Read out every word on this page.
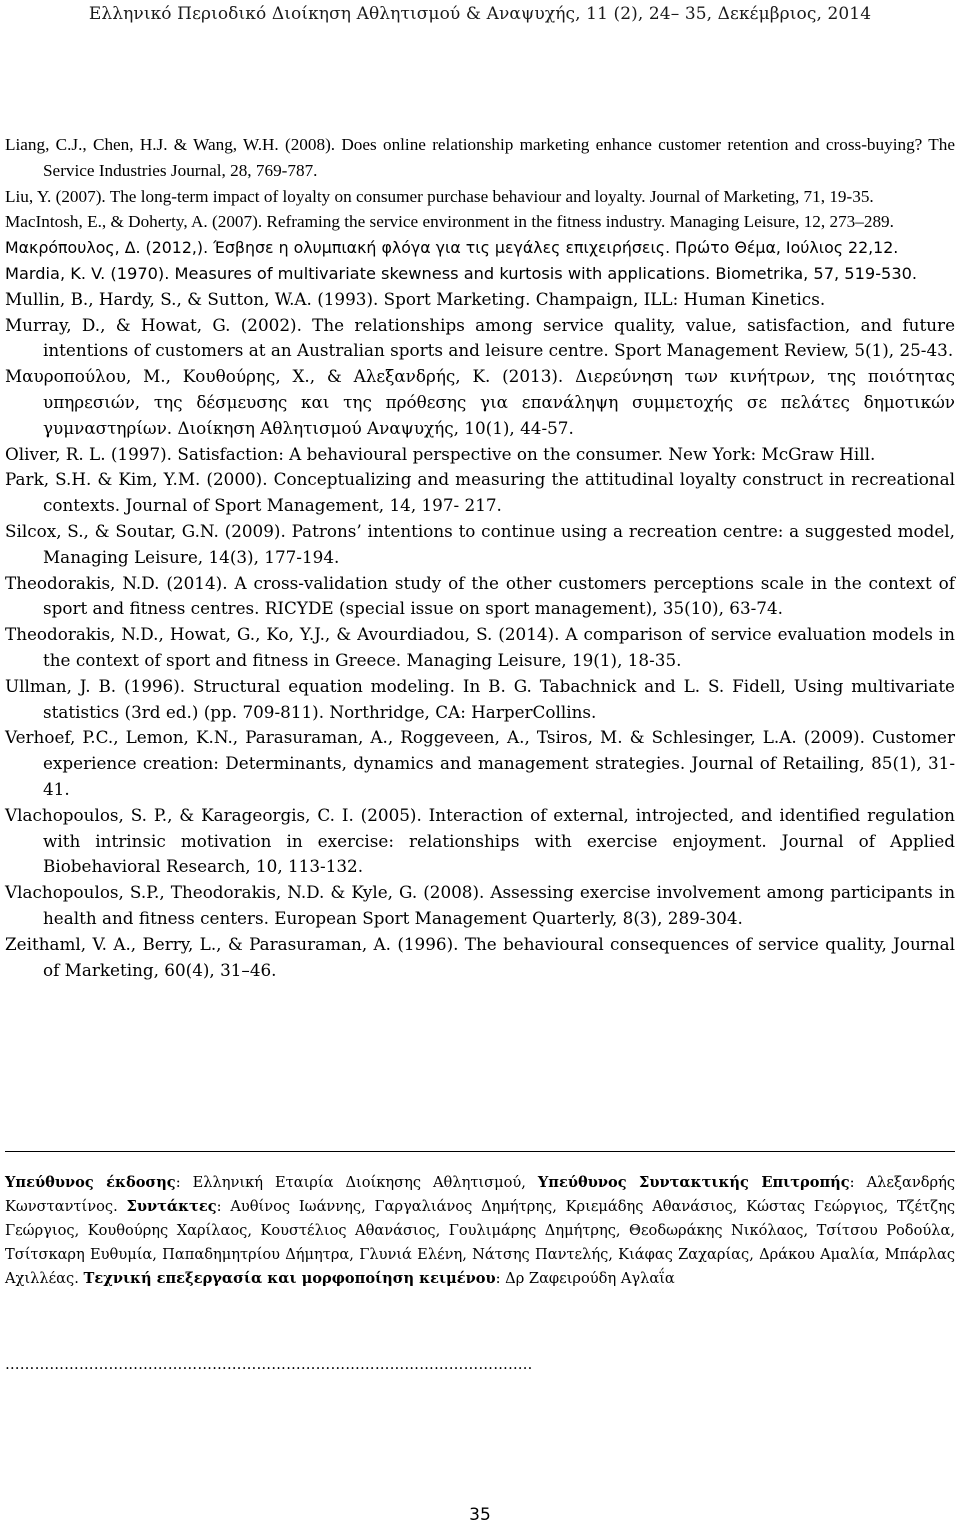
Ελληνικό Περιοδικό Διοίκηση Αθλητισμού & Αναψυχής, 11 (2), 24– 35, Δεκέμβριος, 2014

Liang, C.J., Chen, H.J. & Wang, W.H. (2008). Does online relationship marketing enhance customer retention and cross-buying? The Service Industries Journal, 28, 769-787.

Liu, Y. (2007). The long-term impact of loyalty on consumer purchase behaviour and loyalty. Journal of Marketing, 71, 19-35.

MacIntosh, E., & Doherty, A. (2007). Reframing the service environment in the fitness industry. Managing Leisure, 12, 273–289.

Μακρόπουλος, Δ. (2012,). Έσβησε η ολυμπιακή φλόγα για τις μεγάλες επιχειρήσεις. Πρώτο Θέμα, Ιούλιος 22,12.

Mardia, K. V. (1970). Measures of multivariate skewness and kurtosis with applications. Biometrika, 57, 519-530.

Mullin, B., Hardy, S., & Sutton, W.A. (1993). Sport Marketing. Champaign, ILL: Human Kinetics.

Murray, D., & Howat, G. (2002). The relationships among service quality, value, satisfaction, and future intentions of customers at an Australian sports and leisure centre. Sport Management Review, 5(1), 25-43.

Μαυροπούλου, Μ., Κουθούρης, Χ., & Αλεξανδρής, Κ. (2013). Διερεύνηση των κινήτρων, της ποιότητας υπηρεσιών, της δέσμευσης και της πρόθεσης για επανάληψη συμμετοχής σε πελάτες δημοτικών γυμναστηρίων. Διοίκηση Αθλητισμού Αναψυχής, 10(1), 44-57.

Oliver, R. L. (1997). Satisfaction: A behavioural perspective on the consumer. New York: McGraw Hill.

Park, S.H. & Kim, Y.M. (2000). Conceptualizing and measuring the attitudinal loyalty construct in recreational contexts. Journal of Sport Management, 14, 197- 217.

Silcox, S., & Soutar, G.N. (2009). Patrons’ intentions to continue using a recreation centre: a suggested model, Managing Leisure, 14(3), 177-194.

Theodorakis, N.D. (2014). A cross-validation study of the other customers perceptions scale in the context of sport and fitness centres. RICYDE (special issue on sport management), 35(10), 63-74.

Theodorakis, N.D., Howat, G., Ko, Y.J., & Avourdiadou, S. (2014). A comparison of service evaluation models in the context of sport and fitness in Greece. Managing Leisure, 19(1), 18-35.

Ullman, J. B. (1996). Structural equation modeling. In B. G. Tabachnick and L. S. Fidell, Using multivariate statistics (3rd ed.) (pp. 709-811). Northridge, CA: HarperCollins.

Verhoef, P.C., Lemon, K.N., Parasuraman, A., Roggeveen, A., Tsiros, M. & Schlesinger, L.A. (2009). Customer experience creation: Determinants, dynamics and management strategies. Journal of Retailing, 85(1), 31-41.

Vlachopoulos, S. P., & Karageorgis, C. I. (2005). Interaction of external, introjected, and identified regulation with intrinsic motivation in exercise: relationships with exercise enjoyment. Journal of Applied Biobehavioral Research, 10, 113-132.

Vlachopoulos, S.P., Theodorakis, N.D. & Kyle, G. (2008). Assessing exercise involvement among participants in health and fitness centers. European Sport Management Quarterly, 8(3), 289-304.

Zeithaml, V. A., Berry, L., & Parasuraman, A. (1996). The behavioural consequences of service quality, Journal of Marketing, 60(4), 31–46.

Υπεύθυνος έκδοσης: Ελληνική Εταιρία Διοίκησης Αθλητισμού, Υπεύθυνος Συντακτικής Επιτροπής: Αλεξανδρής Κωνσταντίνος. Συντάκτες: Αυθίνος Ιωάννης, Γαργαλιάνος Δημήτρης, Κριεμάδης Αθανάσιος, Κώστας Γεώργιος, Τζέτζης Γεώργιος, Κουθούρης Χαρίλαος, Κουστέλιος Αθανάσιος, Γουλιμάρης Δημήτρης, Θεοδωράκης Νικόλαος, Τσίτσου Ροδούλα, Τσίτσκαρη Ευθυμία, Παπαδημητρίου Δήμητρα, Γλυνιά Ελένη, Νάτσης Παντελής, Κιάφας Ζαχαρίας, Δράκου Αμαλία, Μπάρλας Αχιλλέας. Τεχνική επεξεργασία και μορφοποίηση κειμένου: Δρ Ζαφειρούδη Αγλαΐα

……………………………………………………………………………………………..
35
